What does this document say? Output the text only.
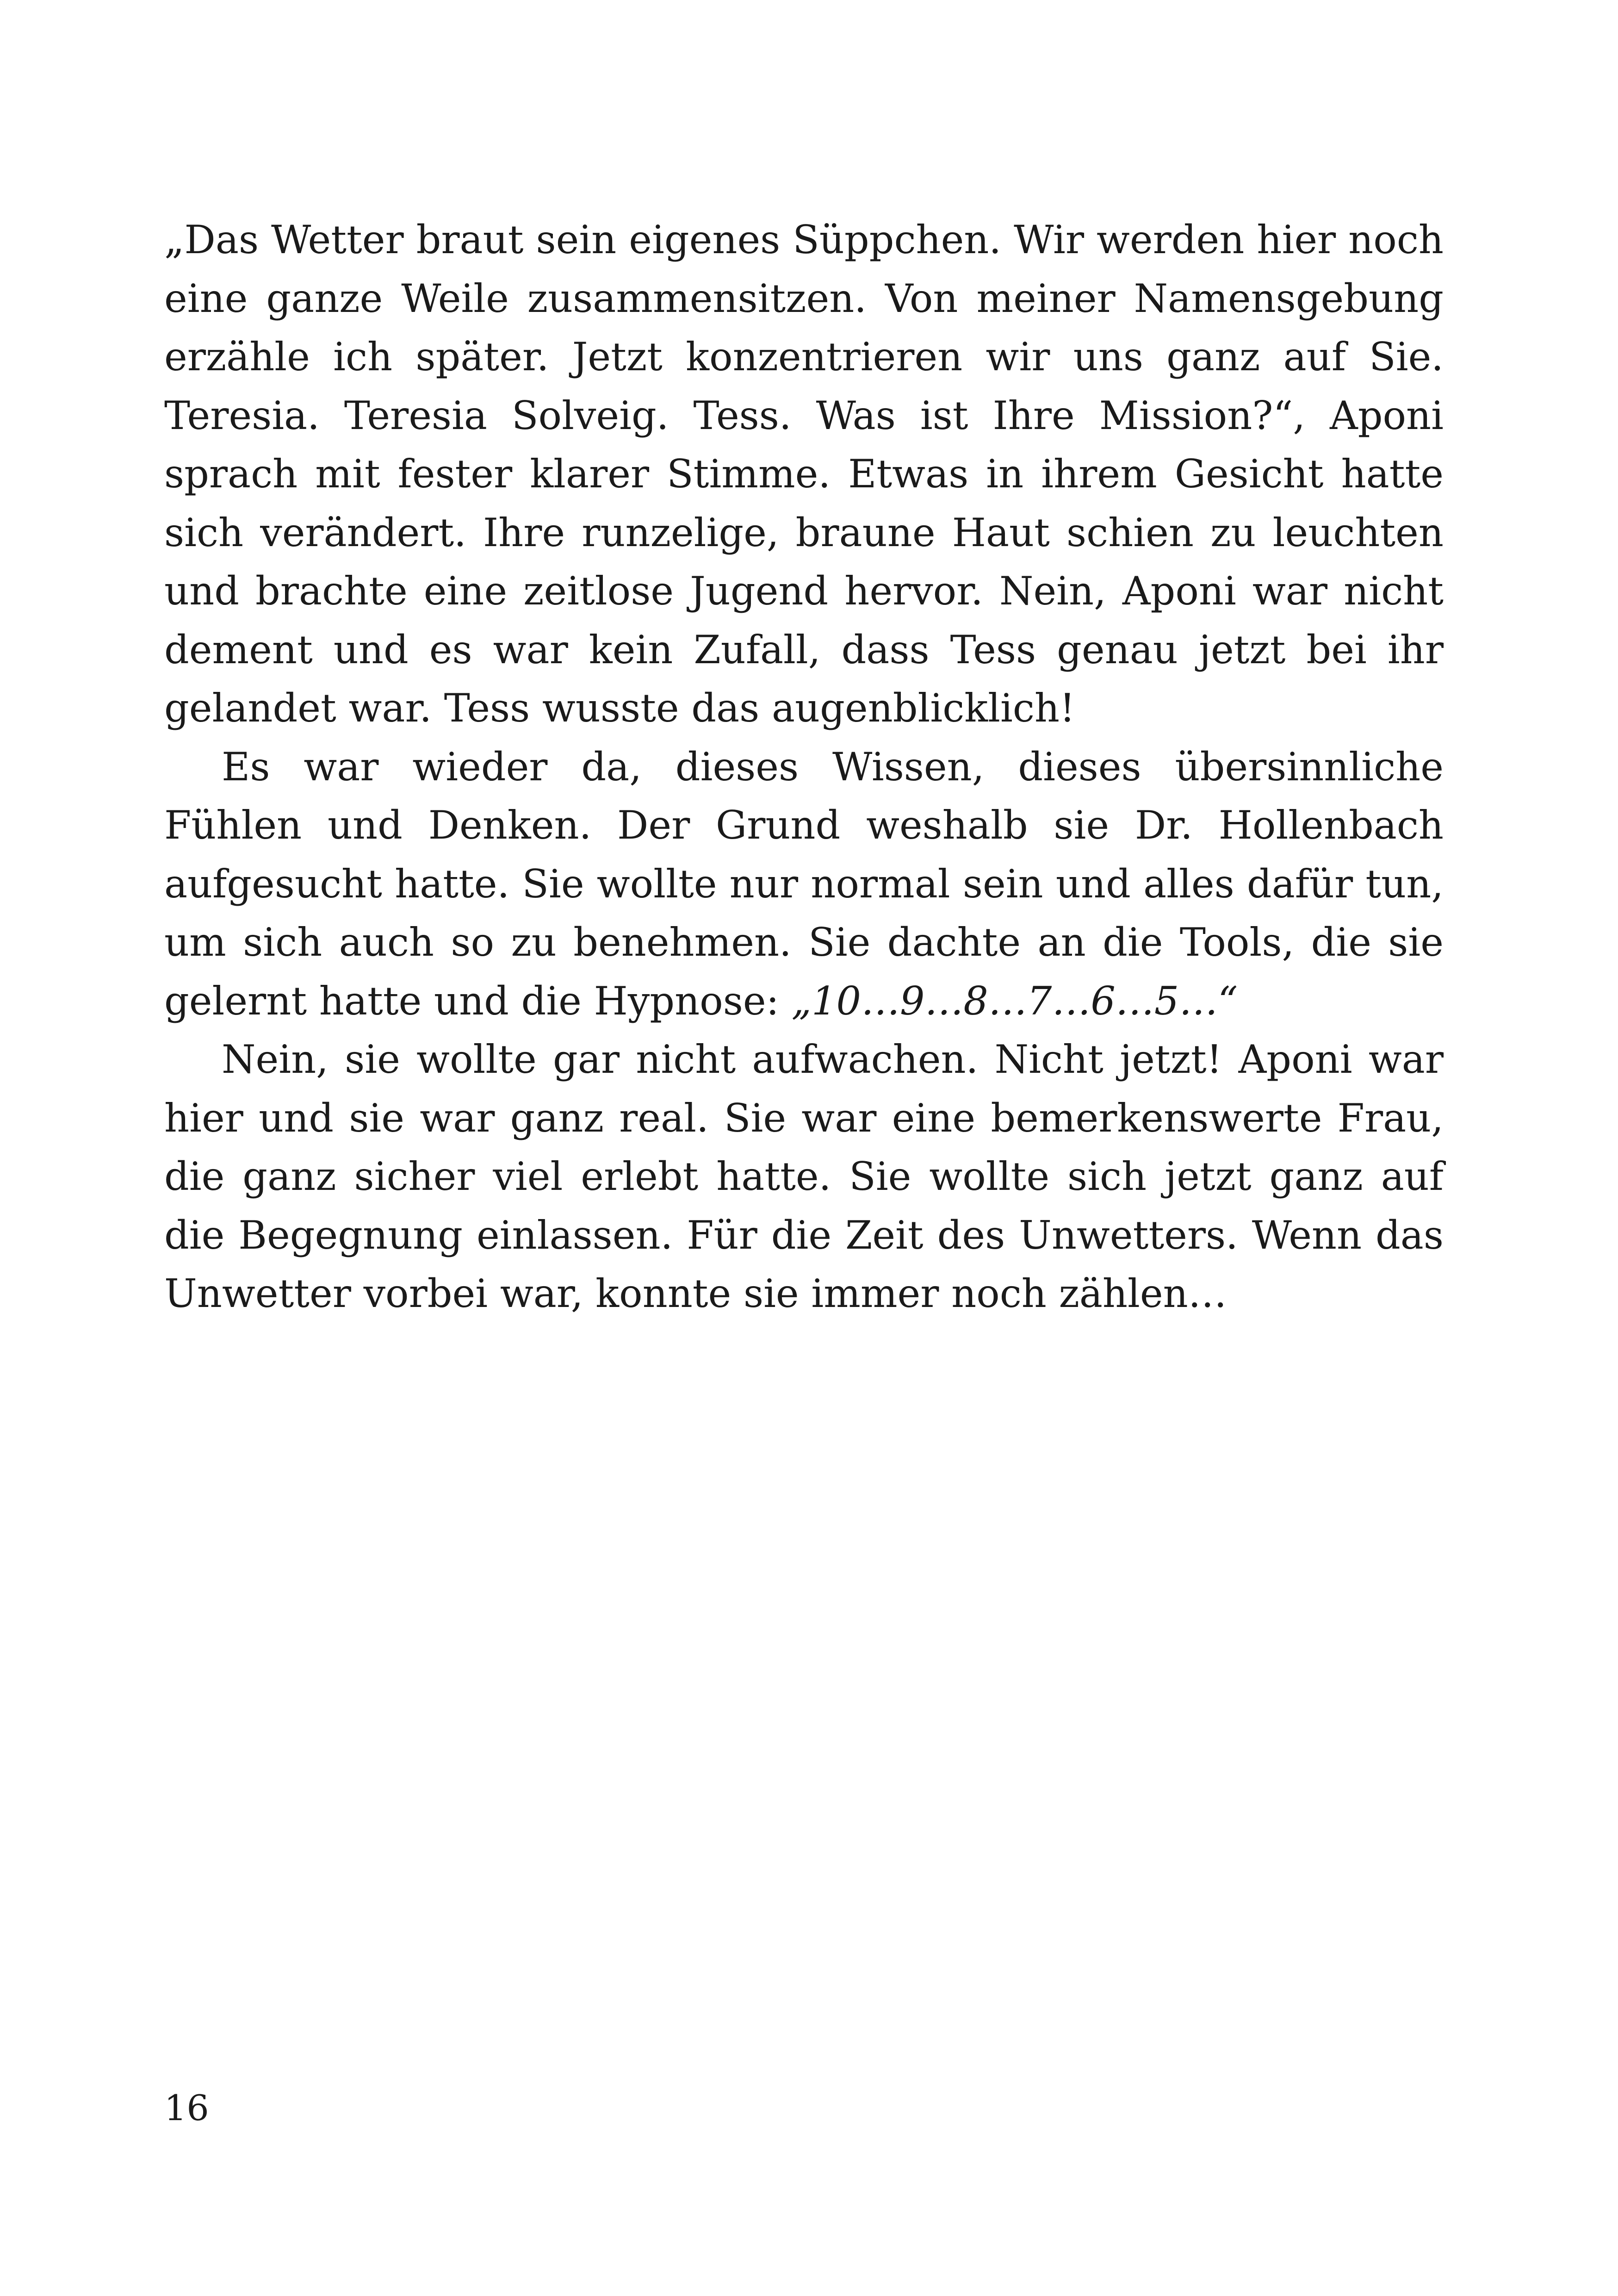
„Das Wetter braut sein eigenes Süppchen. Wir werden hier noch eine ganze Weile zusammensitzen. Von meiner Namensgebung erzähle ich später. Jetzt konzentrieren wir uns ganz auf Sie. Teresia. Teresia Solveig. Tess. Was ist Ihre Mission?“, Aponi sprach mit fester klarer Stimme. Etwas in ihrem Gesicht hatte sich verändert. Ihre runzelige, braune Haut schien zu leuchten und brachte eine zeitlose Jugend hervor. Nein, Aponi war nicht dement und es war kein Zufall, dass Tess genau jetzt bei ihr gelandet war. Tess wusste das augenblicklich!

Es war wieder da, dieses Wissen, dieses übersinnliche Fühlen und Denken. Der Grund weshalb sie Dr. Hollenbach aufgesucht hatte. Sie wollte nur normal sein und alles dafür tun, um sich auch so zu benehmen. Sie dachte an die Tools, die sie gelernt hatte und die Hypnose: „10…9…8…7…6…5…“

Nein, sie wollte gar nicht aufwachen. Nicht jetzt! Aponi war hier und sie war ganz real. Sie war eine bemerkenswerte Frau, die ganz sicher viel erlebt hatte. Sie wollte sich jetzt ganz auf die Begegnung einlassen. Für die Zeit des Unwetters. Wenn das Unwetter vorbei war, konnte sie immer noch zählen…

16
